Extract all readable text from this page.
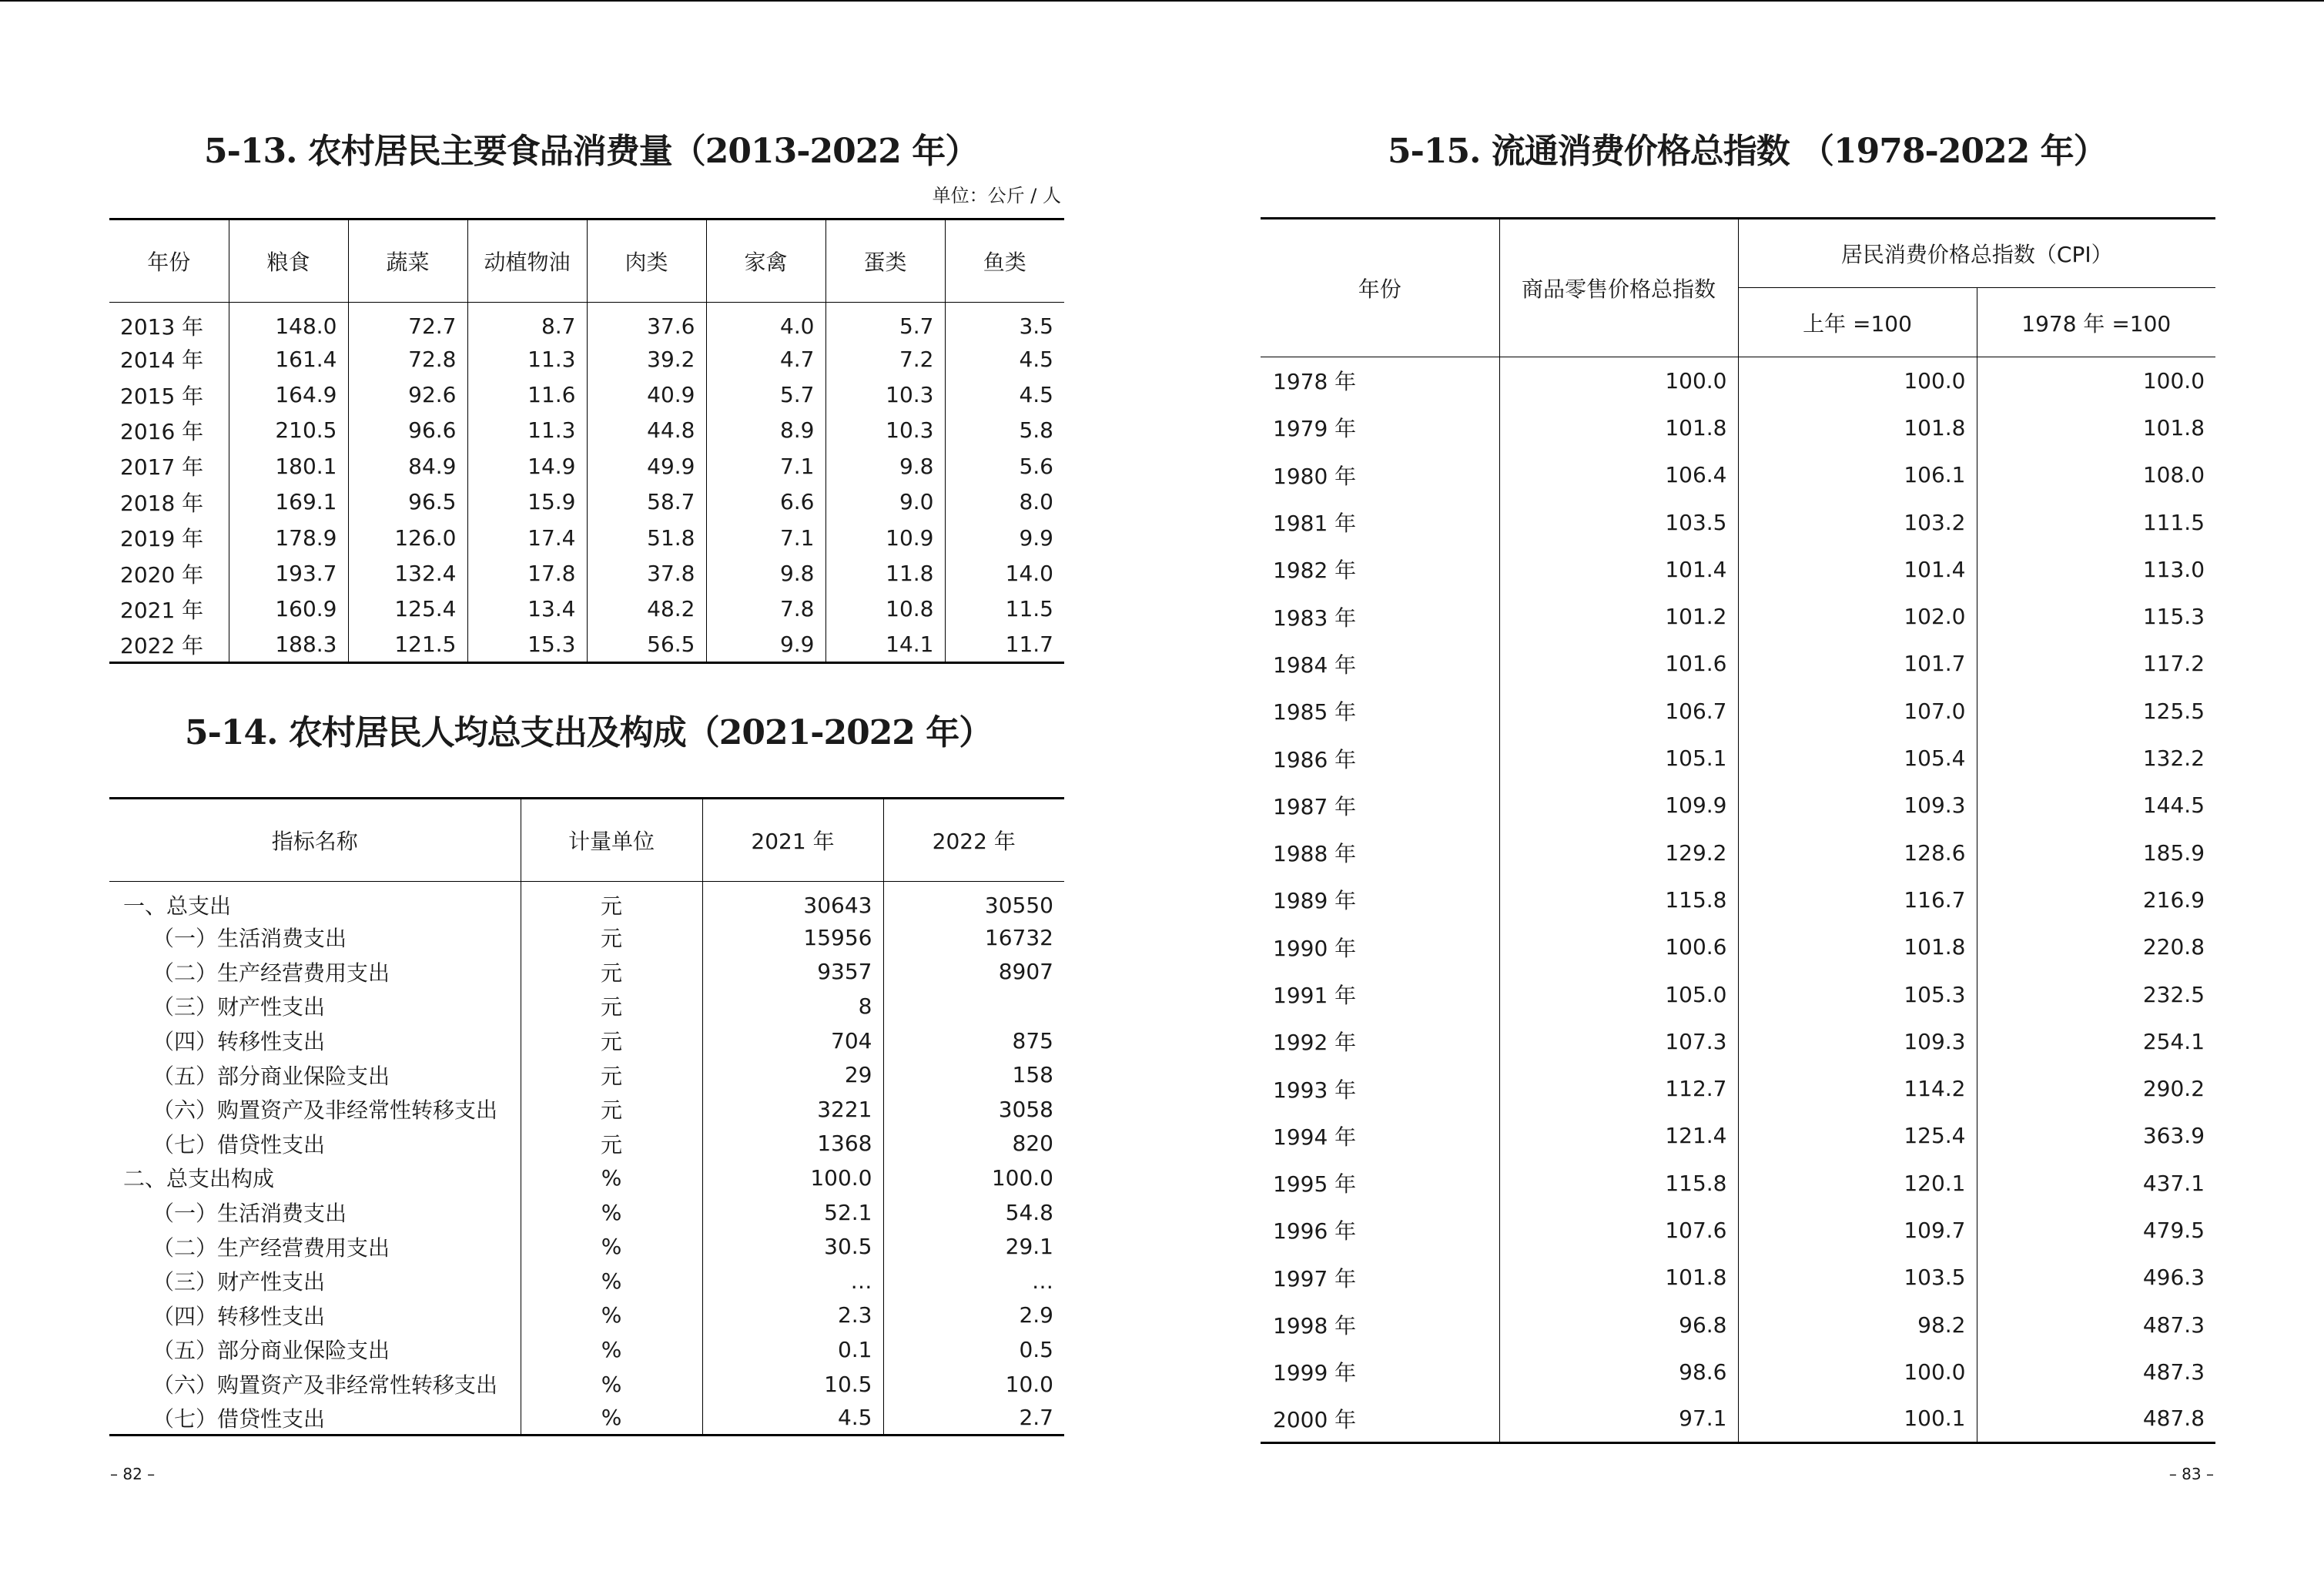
5-13. 农村居民主要食品消费量（2013-2022 年）
单位：公斤 / 人
年份	粮食	蔬菜	动植物油	肉类	家禽	蛋类	鱼类
2013 年	148.0	72.7	8.7	37.6	4.0	5.7	3.5
2014 年	161.4	72.8	11.3	39.2	4.7	7.2	4.5
2015 年	164.9	92.6	11.6	40.9	5.7	10.3	4.5
2016 年	210.5	96.6	11.3	44.8	8.9	10.3	5.8
2017 年	180.1	84.9	14.9	49.9	7.1	9.8	5.6
2018 年	169.1	96.5	15.9	58.7	6.6	9.0	8.0
2019 年	178.9	126.0	17.4	51.8	7.1	10.9	9.9
2020 年	193.7	132.4	17.8	37.8	9.8	11.8	14.0
2021 年	160.9	125.4	13.4	48.2	7.8	10.8	11.5
2022 年	188.3	121.5	15.3	56.5	9.9	14.1	11.7
5-14. 农村居民人均总支出及构成（2021-2022 年）
指标名称	计量单位	2021 年	2022 年
一、总支出	元	30643	30550
（一）生活消费支出	元	15956	16732
（二）生产经营费用支出	元	9357	8907
（三）财产性支出	元	8	
（四）转移性支出	元	704	875
（五）部分商业保险支出	元	29	158
（六）购置资产及非经常性转移支出	元	3221	3058
（七）借贷性支出	元	1368	820
二、总支出构成	%	100.0	100.0
（一）生活消费支出	%	52.1	54.8
（二）生产经营费用支出	%	30.5	29.1
（三）财产性支出	%	…	…
（四）转移性支出	%	2.3	2.9
（五）部分商业保险支出	%	0.1	0.5
（六）购置资产及非经常性转移支出	%	10.5	10.0
（七）借贷性支出	%	4.5	2.7
– 82 –
5-15. 流通消费价格总指数 （1978-2022 年）
年份	商品零售价格总指数	居民消费价格总指数（CPI）	
		上年 =100	1978 年 =100
1978 年	100.0	100.0	100.0
1979 年	101.8	101.8	101.8
1980 年	106.4	106.1	108.0
1981 年	103.5	103.2	111.5
1982 年	101.4	101.4	113.0
1983 年	101.2	102.0	115.3
1984 年	101.6	101.7	117.2
1985 年	106.7	107.0	125.5
1986 年	105.1	105.4	132.2
1987 年	109.9	109.3	144.5
1988 年	129.2	128.6	185.9
1989 年	115.8	116.7	216.9
1990 年	100.6	101.8	220.8
1991 年	105.0	105.3	232.5
1992 年	107.3	109.3	254.1
1993 年	112.7	114.2	290.2
1994 年	121.4	125.4	363.9
1995 年	115.8	120.1	437.1
1996 年	107.6	109.7	479.5
1997 年	101.8	103.5	496.3
1998 年	96.8	98.2	487.3
1999 年	98.6	100.0	487.3
2000 年	97.1	100.1	487.8
– 83 –
